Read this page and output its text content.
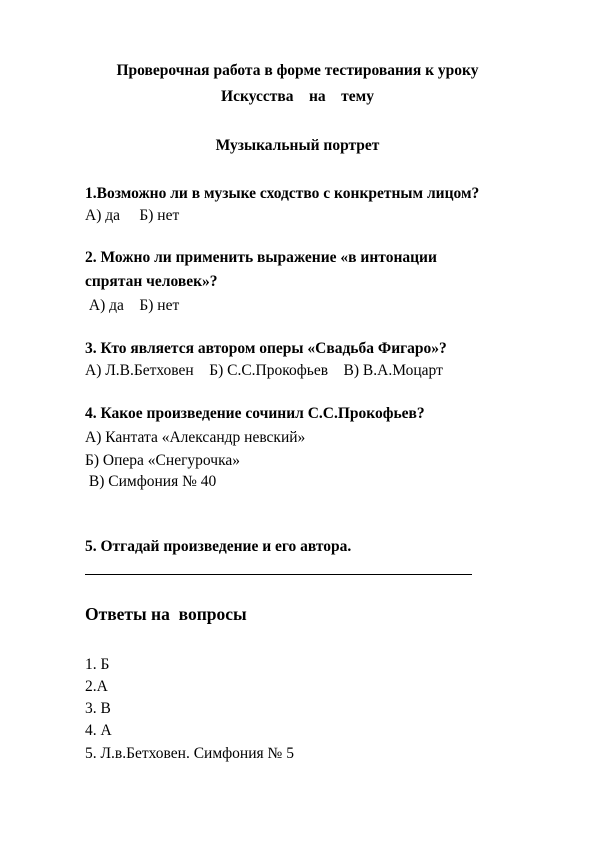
Проверочная работа в форме тестирования к уроку
Искусства    на    тему
Музыкальный портрет
1.Возможно ли в музыке сходство с конкретным лицом?
А) да     Б) нет
2. Можно ли применить выражение «в интонации
спрятан человек»?
А) да    Б) нет
3. Кто является автором оперы «Свадьба Фигаро»?
А) Л.В.Бетховен    Б) С.С.Прокофьев    В) В.А.Моцарт
4. Какое произведение сочинил С.С.Прокофьев?
А) Кантата «Александр невский»
Б) Опера «Снегурочка»
В) Симфония № 40
5. Отгадай произведение и его автора.
Ответы на  вопросы
1. Б
2.А
3. В
4. А
5. Л.в.Бетховен. Симфония № 5
